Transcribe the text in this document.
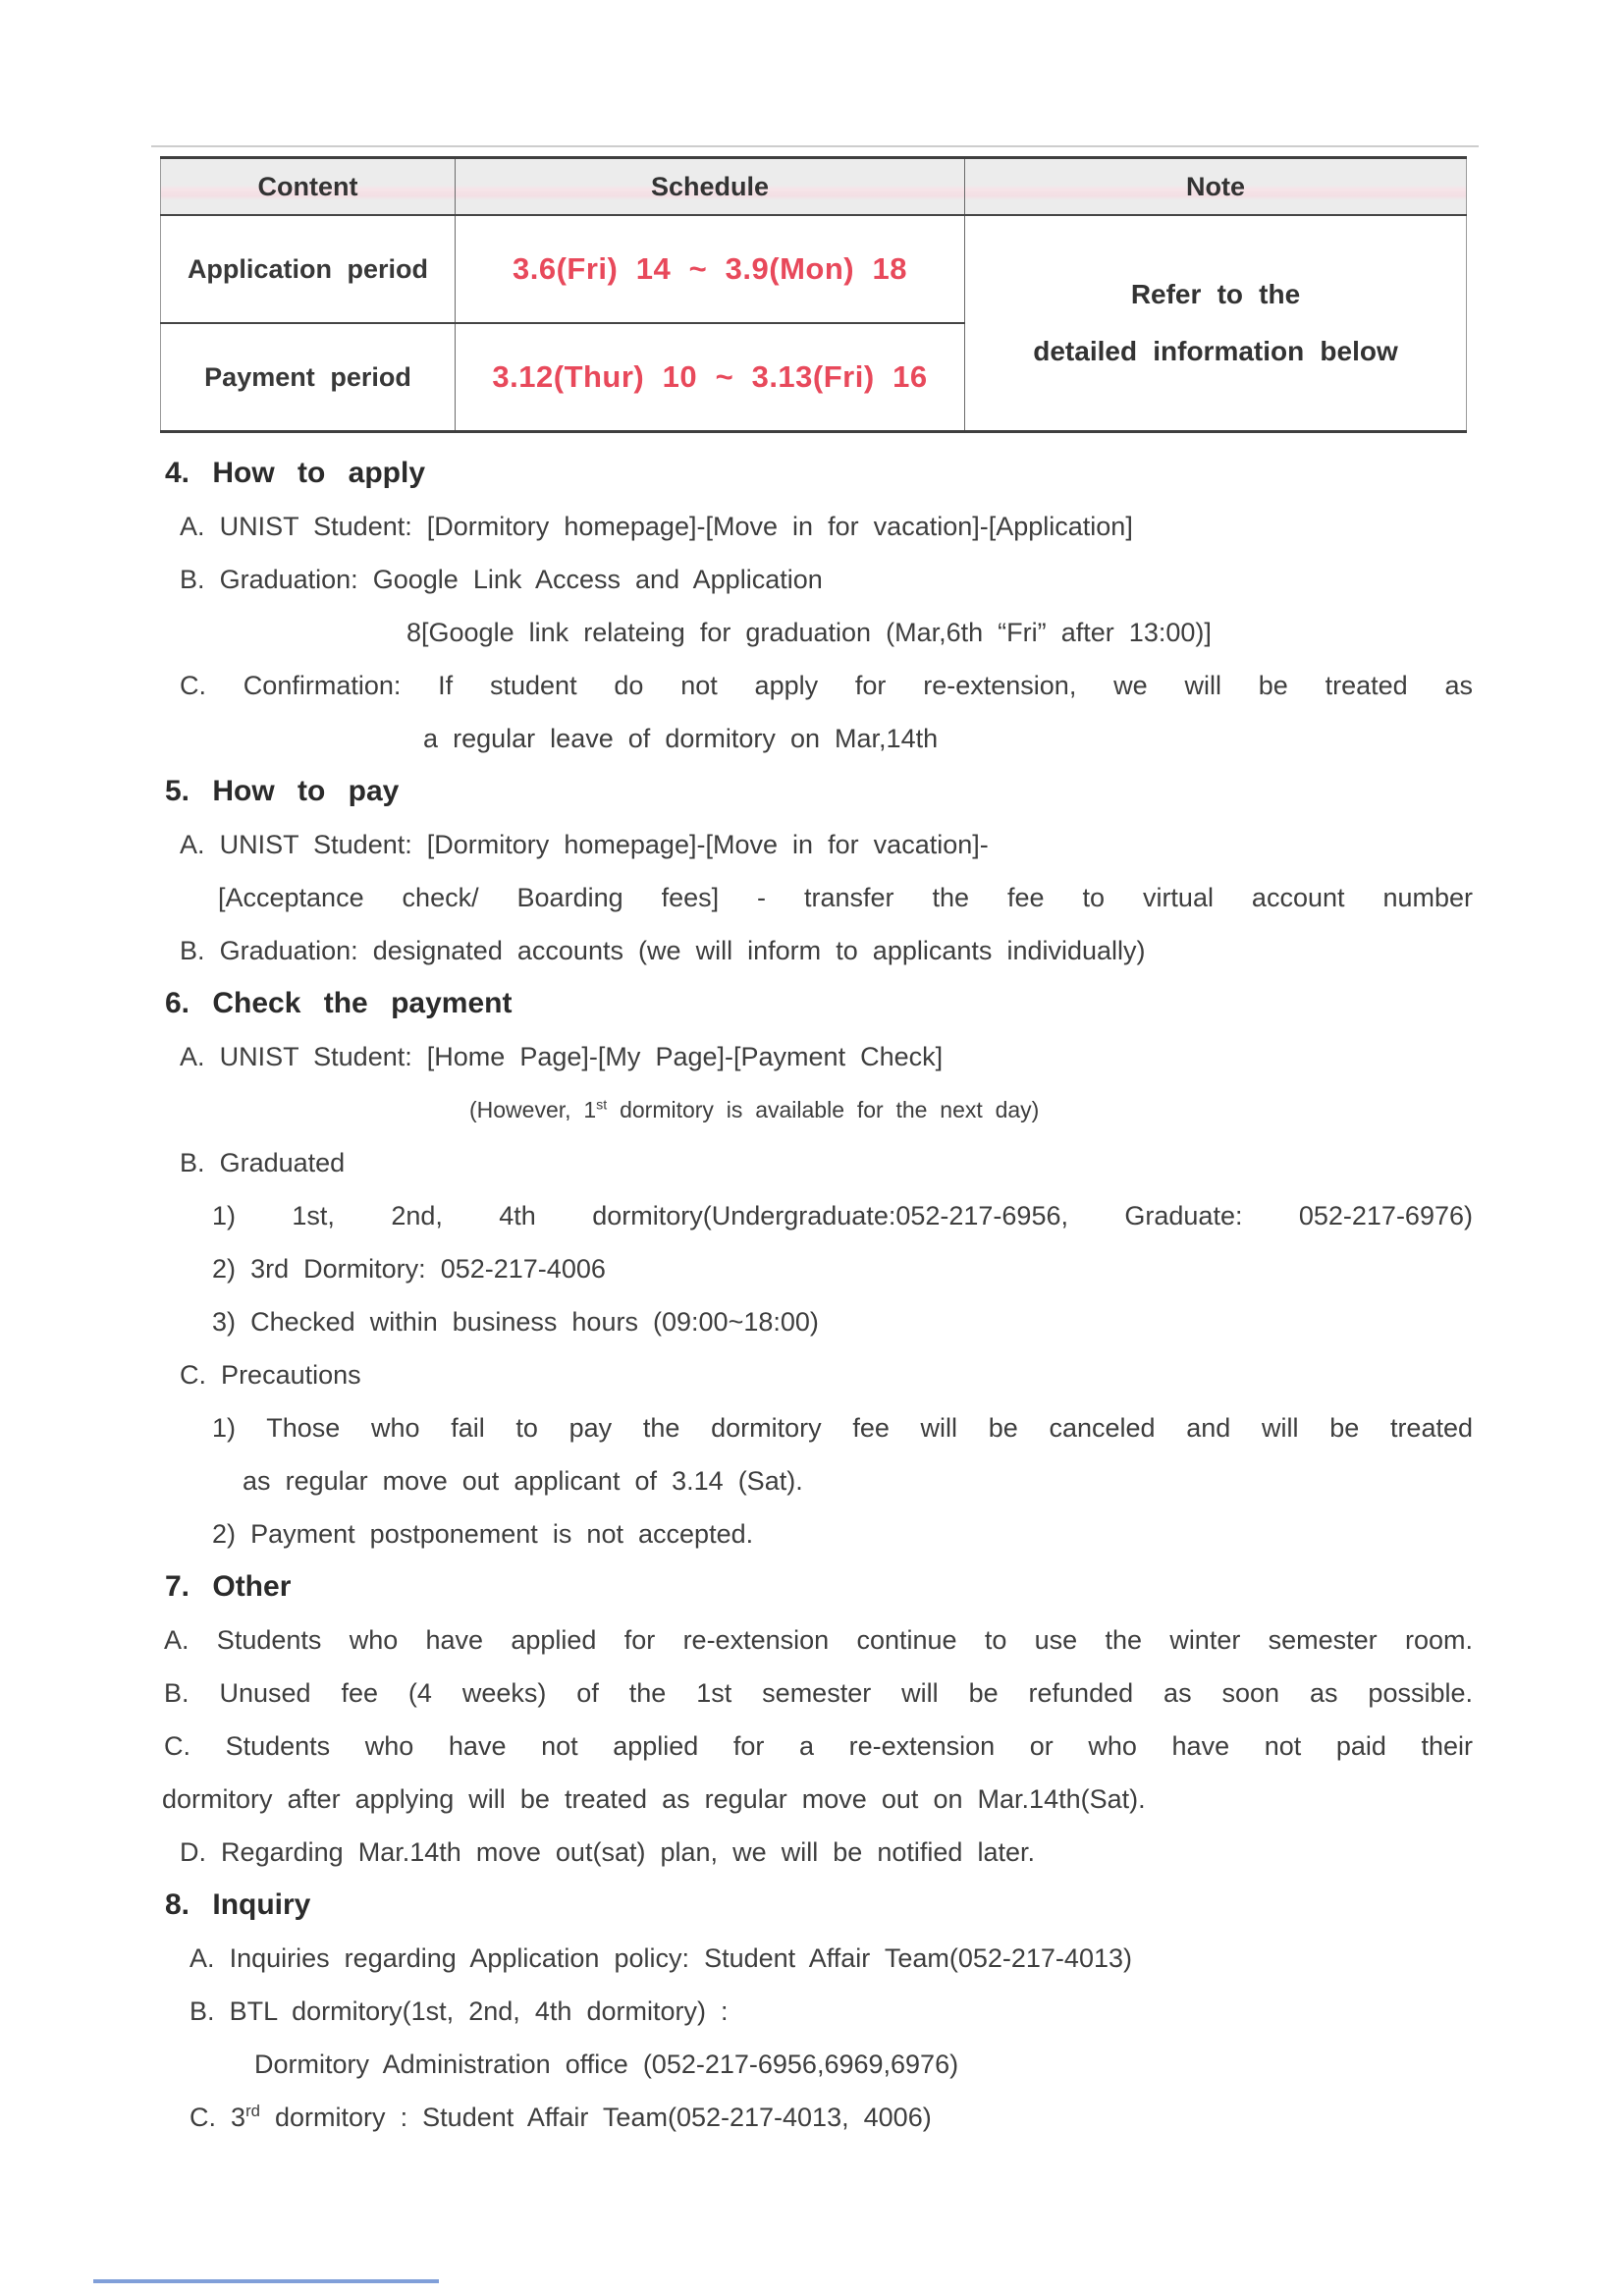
Content	Schedule	Note
Application period	3.6(Fri) 14 ~ 3.9(Mon) 18	Refer to the
detailed information below

Payment period	3.12(Thur) 10 ~ 3.13(Fri) 16	
4. How to apply
A. UNIST Student: [Dormitory homepage]-[Move in for vacation]-[Application]
B. Graduation: Google Link Access and Application
8[Google link relateing for graduation (Mar,6th “Fri” after 13:00)]
C. Confirmation: If student do not apply for re-extension, we will be treated as
a regular leave of dormitory on Mar,14th
5. How to pay
A. UNIST Student: [Dormitory homepage]-[Move in for vacation]-
[Acceptance check/ Boarding fees] - transfer the fee to virtual account number
B. Graduation: designated accounts (we will inform to applicants individually)
6. Check the payment
A. UNIST Student: [Home Page]-[My Page]-[Payment Check]
(However, 1st dormitory is available for the next day)
B. Graduated
1) 1st, 2nd, 4th dormitory(Undergraduate:052-217-6956, Graduate: 052-217-6976)
2) 3rd Dormitory: 052-217-4006
3) Checked within business hours (09:00~18:00)
C. Precautions
1) Those who fail to pay the dormitory fee will be canceled and will be treated
as regular move out applicant of 3.14 (Sat).
2) Payment postponement is not accepted.
7. Other
A. Students who have applied for re-extension continue to use the winter semester room.
B. Unused fee (4 weeks) of the 1st semester will be refunded as soon as possible.
C. Students who have not applied for a re-extension or who have not paid their
dormitory after applying will be treated as regular move out on Mar.14th(Sat).
D. Regarding Mar.14th move out(sat) plan, we will be notified later.
8. Inquiry
A. Inquiries regarding Application policy: Student Affair Team(052-217-4013)
B. BTL dormitory(1st, 2nd, 4th dormitory) :
Dormitory Administration office (052-217-6956,6969,6976)
C. 3rd dormitory : Student Affair Team(052-217-4013, 4006)
